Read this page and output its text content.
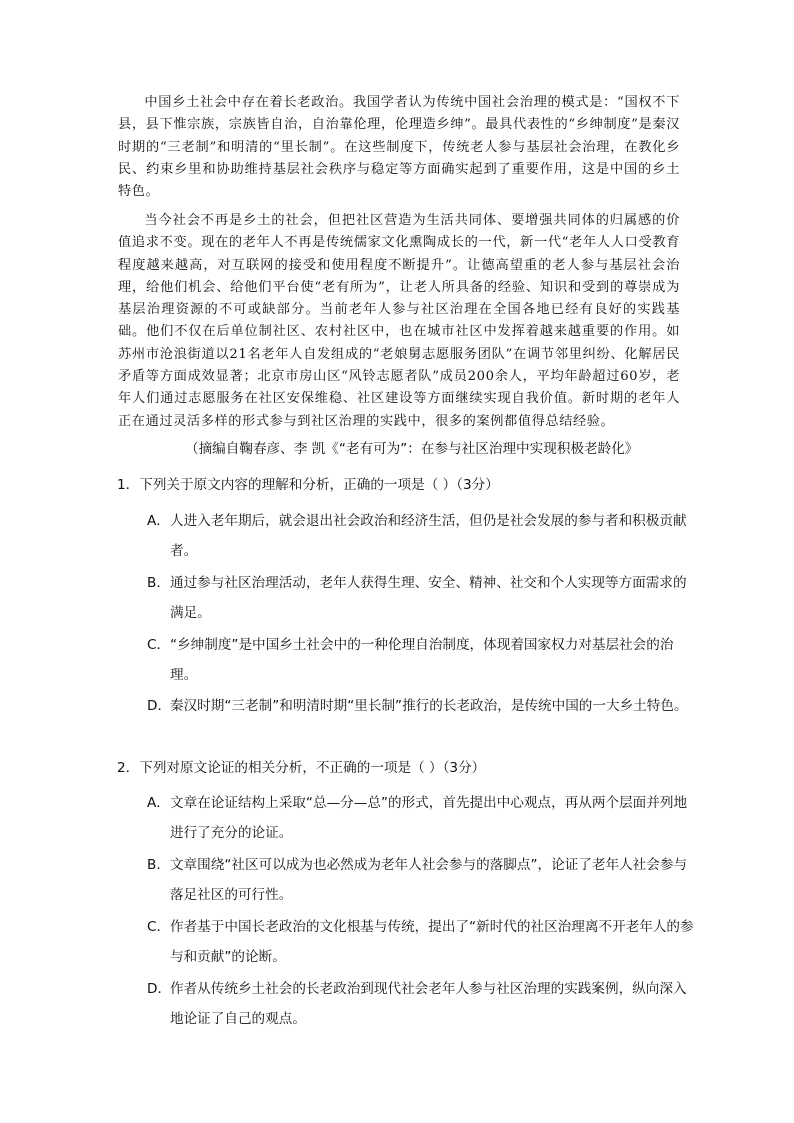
中国乡土社会中存在着长老政治。我国学者认为传统中国社会治理的模式是：“国权不下县，县下惟宗族，宗族皆自治，自治靠伦理，伦理造乡绅”。最具代表性的“乡绅制度”是秦汉时期的“三老制”和明清的“里长制”。在这些制度下，传统老人参与基层社会治理，在教化乡民、约束乡里和协助维持基层社会秩序与稳定等方面确实起到了重要作用，这是中国的乡土特色。

当今社会不再是乡土的社会，但把社区营造为生活共同体、要增强共同体的归属感的价值追求不变。现在的老年人不再是传统儒家文化熏陶成长的一代，新一代“老年人人口受教育程度越来越高，对互联网的接受和使用程度不断提升”。让德高望重的老人参与基层社会治理，给他们机会、给他们平台使“老有所为”，让老人所具备的经验、知识和受到的尊崇成为基层治理资源的不可或缺部分。当前老年人参与社区治理在全国各地已经有良好的实践基础。他们不仅在后单位制社区、农村社区中，也在城市社区中发挥着越来越重要的作用。如苏州市沧浪街道以21名老年人自发组成的“老娘舅志愿服务团队”在调节邻里纠纷、化解居民矛盾等方面成效显著；北京市房山区“风铃志愿者队”成员200余人，平均年龄超过60岁，老年人们通过志愿服务在社区安保维稳、社区建设等方面继续实现自我价值。新时期的老年人正在通过灵活多样的形式参与到社区治理的实践中，很多的案例都值得总结经验。

（摘编自鞠春彦、李 凯《“老有可为”：在参与社区治理中实现积极老龄化》

1．下列关于原文内容的理解和分析，正确的一项是（ ）（3分）

A．人进入老年期后，就会退出社会政治和经济生活，但仍是社会发展的参与者和积极贡献者。

B．通过参与社区治理活动，老年人获得生理、安全、精神、社交和个人实现等方面需求的满足。

C．“乡绅制度”是中国乡土社会中的一种伦理自治制度，体现着国家权力对基层社会的治理。

D．秦汉时期“三老制”和明清时期“里长制”推行的长老政治，是传统中国的一大乡土特色。

2．下列对原文论证的相关分析，不正确的一项是（ ）（3分）

A．文章在论证结构上采取“总—分—总”的形式，首先提出中心观点，再从两个层面并列地进行了充分的论证。

B．文章围绕“社区可以成为也必然成为老年人社会参与的落脚点”，论证了老年人社会参与落足社区的可行性。

C．作者基于中国长老政治的文化根基与传统，提出了“新时代的社区治理离不开老年人的参与和贡献”的论断。

D．作者从传统乡土社会的长老政治到现代社会老年人参与社区治理的实践案例，纵向深入地论证了自己的观点。
